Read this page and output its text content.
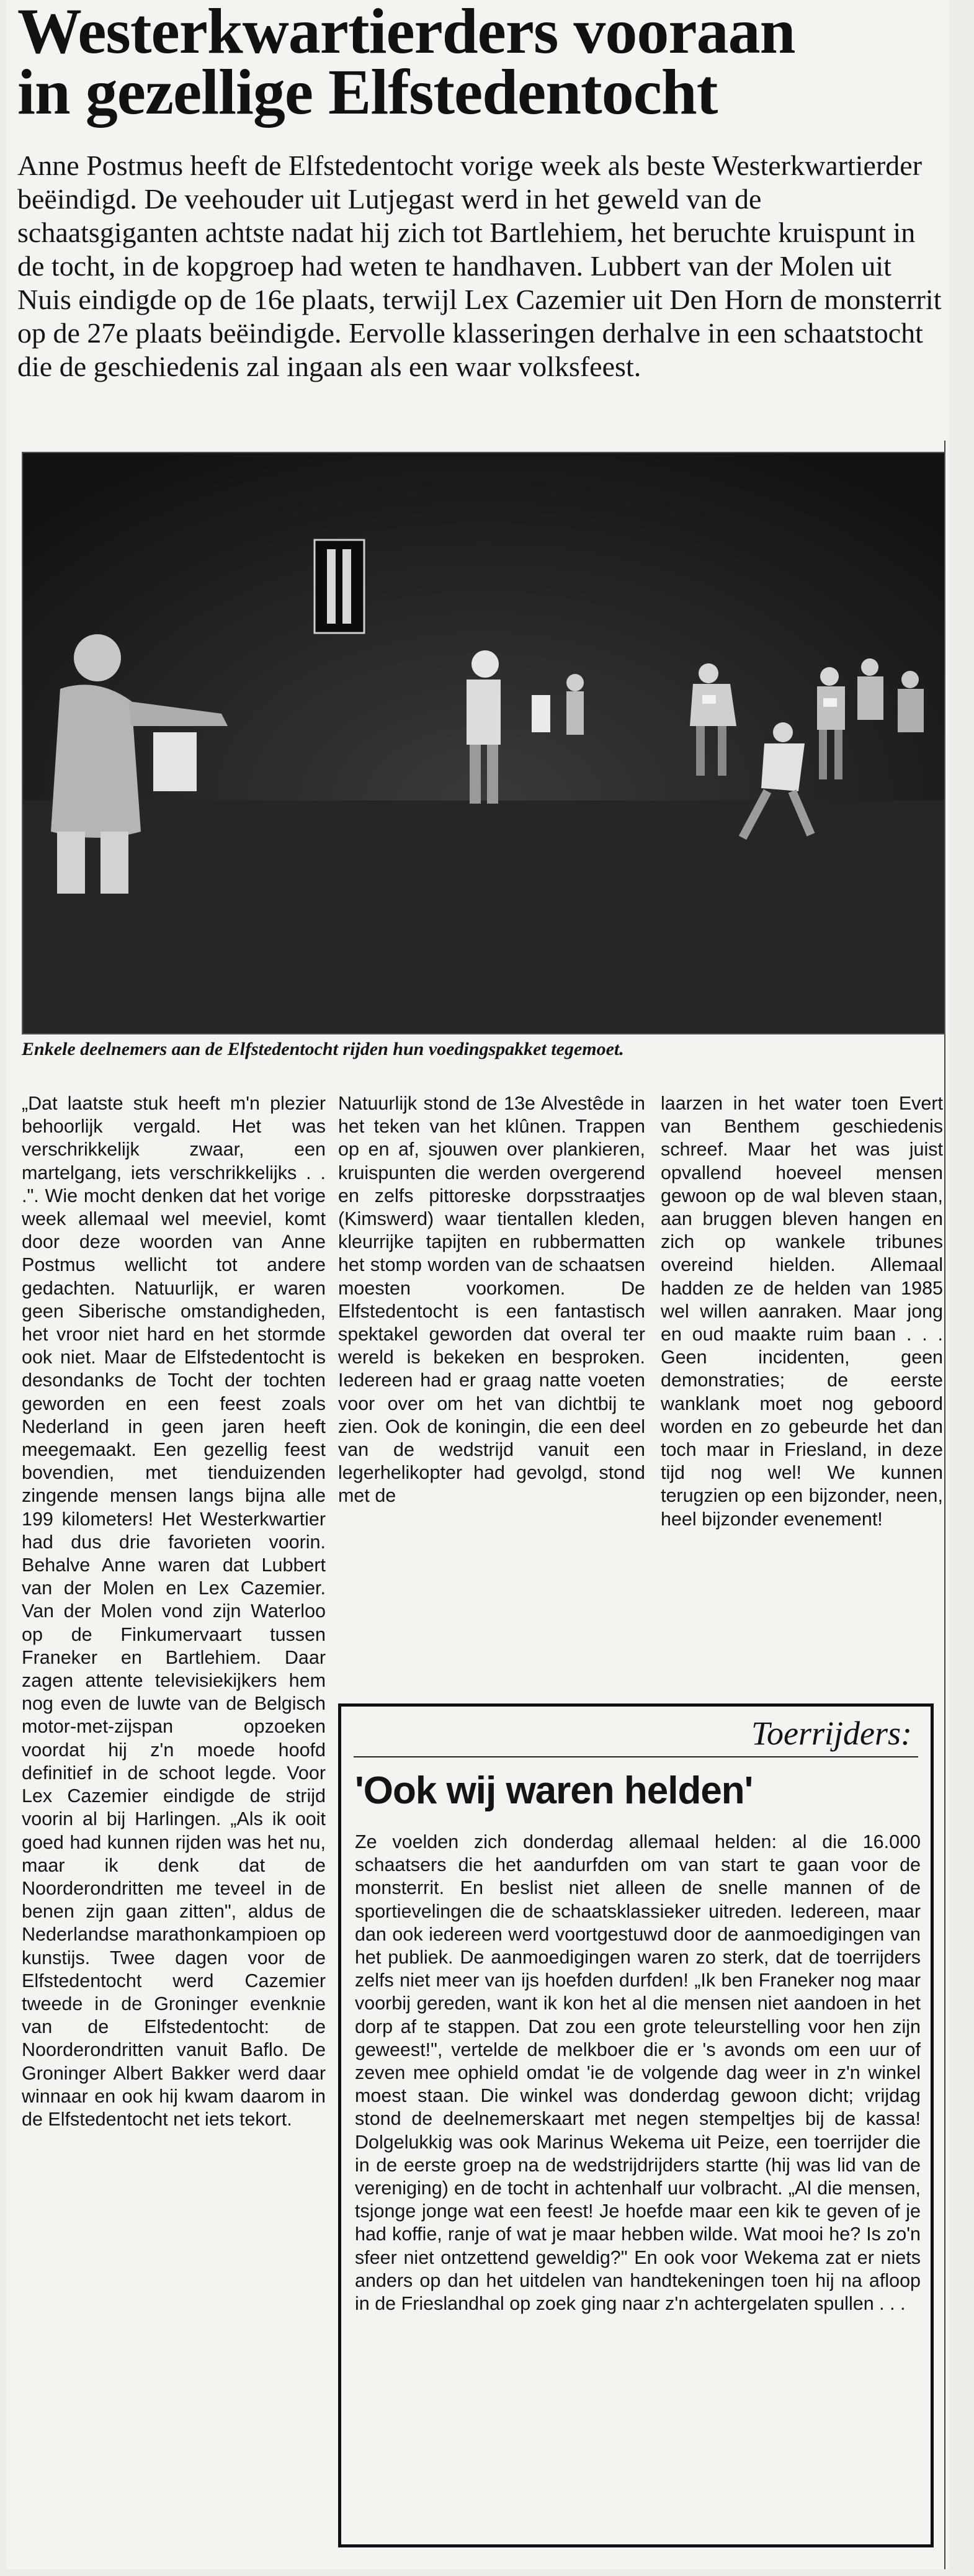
Westerkwartierders vooraan
in gezellige Elfstedentocht

Anne Postmus heeft de Elfstedentocht vorige week als beste Westerkwartierder beëindigd. De veehouder uit Lutjegast werd in het geweld van de schaatsgiganten achtste nadat hij zich tot Bartlehiem, het beruchte kruispunt in de tocht, in de kopgroep had weten te handhaven. Lubbert van der Molen uit Nuis eindigde op de 16e plaats, terwijl Lex Cazemier uit Den Horn de monsterrit op de 27e plaats beëindigde. Eervolle klasseringen derhalve in een schaatstocht die de geschiedenis zal ingaan als een waar volksfeest.

Enkele deelnemers aan de Elfstedentocht rijden hun voedingspakket tegemoet.

„Dat laatste stuk heeft m'n plezier behoorlijk vergald. Het was verschrikkelijk zwaar, een martelgang, iets verschrikkelijks . . .". Wie mocht denken dat het vorige week allemaal wel meeviel, komt door deze woorden van Anne Postmus wellicht tot andere gedachten. Natuurlijk, er waren geen Siberische omstandigheden, het vroor niet hard en het stormde ook niet. Maar de Elfstedentocht is desondanks de Tocht der tochten geworden en een feest zoals Nederland in geen jaren heeft meegemaakt. Een gezellig feest bovendien, met tienduizenden zingende mensen langs bijna alle 199 kilometers! Het Westerkwartier had dus drie favorieten voorin. Behalve Anne waren dat Lubbert van der Molen en Lex Cazemier. Van der Molen vond zijn Waterloo op de Finkumervaart tussen Franeker en Bartlehiem. Daar zagen attente televisiekijkers hem nog even de luwte van de Belgisch motor-met-zijspan opzoeken voordat hij z'n moede hoofd definitief in de schoot legde. Voor Lex Cazemier eindigde de strijd voorin al bij Harlingen. „Als ik ooit goed had kunnen rijden was het nu, maar ik denk dat de Noorderondritten me teveel in de benen zijn gaan zitten", aldus de Nederlandse marathonkampioen op kunstijs. Twee dagen voor de Elfstedentocht werd Cazemier tweede in de Groninger evenknie van de Elfstedentocht: de Noorderondritten vanuit Baflo. De Groninger Albert Bakker werd daar winnaar en ook hij kwam daarom in de Elfstedentocht net iets tekort.

Natuurlijk stond de 13e Alvestêde in het teken van het klûnen. Trappen op en af, sjouwen over plankieren, kruispunten die werden overgerend en zelfs pittoreske dorpsstraatjes (Kimswerd) waar tientallen kleden, kleurrijke tapijten en rubbermatten het stomp worden van de schaatsen moesten voorkomen. De Elfstedentocht is een fantastisch spektakel geworden dat overal ter wereld is bekeken en besproken. Iedereen had er graag natte voeten voor over om het van dichtbij te zien. Ook de koningin, die een deel van de wedstrijd vanuit een legerhelikopter had gevolgd, stond met de

laarzen in het water toen Evert van Benthem geschiedenis schreef. Maar het was juist opvallend hoeveel mensen gewoon op de wal bleven staan, aan bruggen bleven hangen en zich op wankele tribunes overeind hielden. Allemaal hadden ze de helden van 1985 wel willen aanraken. Maar jong en oud maakte ruim baan . . . Geen incidenten, geen demonstraties; de eerste wanklank moet nog geboord worden en zo gebeurde het dan toch maar in Friesland, in deze tijd nog wel! We kunnen terugzien op een bijzonder, neen, heel bijzonder evenement!

Toerrijders:

'Ook wij waren helden'

Ze voelden zich donderdag allemaal helden: al die 16.000 schaatsers die het aandurfden om van start te gaan voor de monsterrit. En beslist niet alleen de snelle mannen of de sportievelingen die de schaatsklassieker uitreden. Iedereen, maar dan ook iedereen werd voortgestuwd door de aanmoedigingen van het publiek. De aanmoedigingen waren zo sterk, dat de toerrijders zelfs niet meer van ijs hoefden durfden! „Ik ben Franeker nog maar voorbij gereden, want ik kon het al die mensen niet aandoen in het dorp af te stappen. Dat zou een grote teleurstelling voor hen zijn geweest!", vertelde de melkboer die er 's avonds om een uur of zeven mee ophield omdat 'ie de volgende dag weer in z'n winkel moest staan. Die winkel was donderdag gewoon dicht; vrijdag stond de deelnemerskaart met negen stempeltjes bij de kassa! Dolgelukkig was ook Marinus Wekema uit Peize, een toerrijder die in de eerste groep na de wedstrijdrijders startte (hij was lid van de vereniging) en de tocht in achtenhalf uur volbracht. „Al die mensen, tsjonge jonge wat een feest! Je hoefde maar een kik te geven of je had koffie, ranje of wat je maar hebben wilde. Wat mooi he? Is zo'n sfeer niet ontzettend geweldig?" En ook voor Wekema zat er niets anders op dan het uitdelen van handtekeningen toen hij na afloop in de Frieslandhal op zoek ging naar z'n achtergelaten spullen . . .
